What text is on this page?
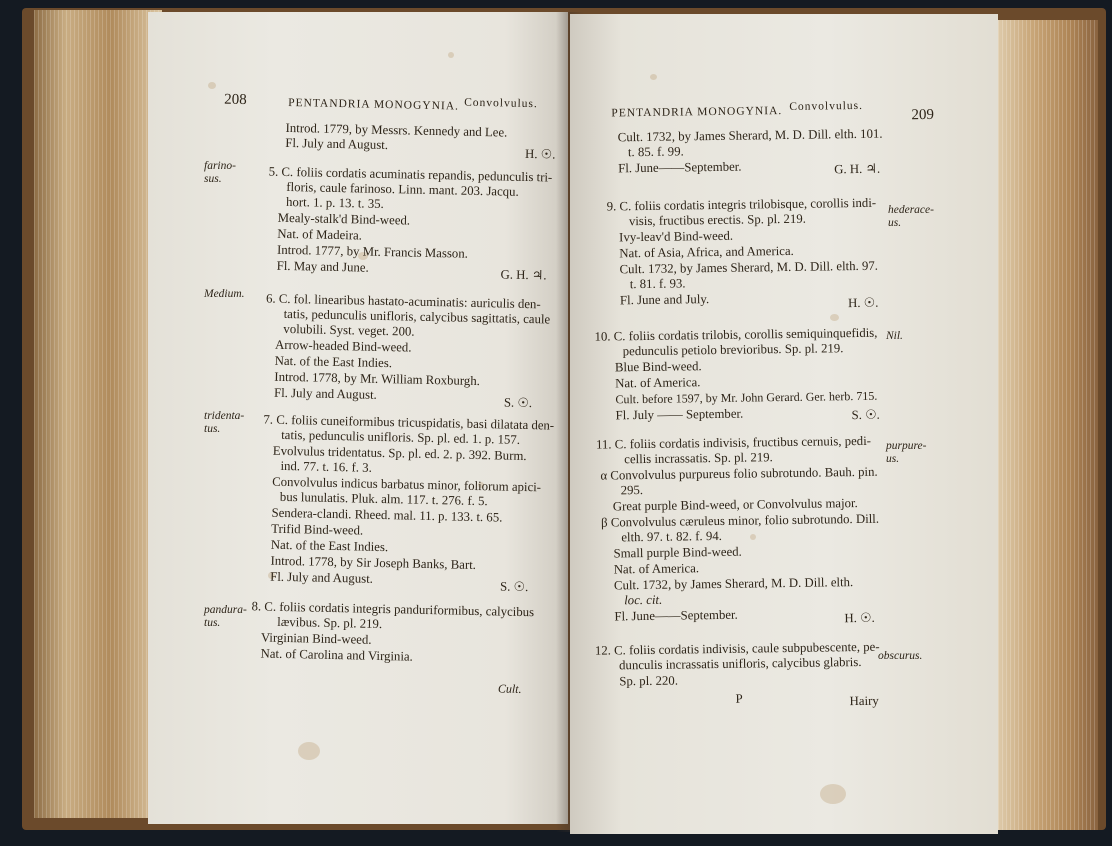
208	PENTANDRIA MONOGYNIA. Convolvulus.
Introd. 1779, by Messrs. Kennedy and Lee.
Fl. July and August.
H. ☉.
5. C. foliis cordatis acuminatis repandis, pedunculis tri-
floris, caule farinoso. Linn. mant. 203. Jacqu.
hort. 1. p. 13. t. 35.
Mealy-stalk'd Bind-weed.
Nat. of Madeira.
Introd. 1777, by Mr. Francis Masson.
Fl. May and June.
G. H. ♃.
6. C. fol. linearibus hastato-acuminatis: auriculis den-
tatis, pedunculis unifloris, calycibus sagittatis, caule
volubili. Syst. veget. 200.
Arrow-headed Bind-weed.
Nat. of the East Indies.
Introd. 1778, by Mr. William Roxburgh.
Fl. July and August.
S. ☉.
7. C. foliis cuneiformibus tricuspidatis, basi dilatata den-
tatis, pedunculis unifloris. Sp. pl. ed. 1. p. 157.
Evolvulus tridentatus. Sp. pl. ed. 2. p. 392. Burm.
ind. 77. t. 16. f. 3.
Convolvulus indicus barbatus minor, foliorum apici-
bus lunulatis. Pluk. alm. 117. t. 276. f. 5.
Sendera-clandi. Rheed. mal. 11. p. 133. t. 65.
Trifid Bind-weed.
Nat. of the East Indies.
Introd. 1778, by Sir Joseph Banks, Bart.
Fl. July and August.
S. ☉.
8. C. foliis cordatis integris panduriformibus, calycibus
lævibus. Sp. pl. 219.
Virginian Bind-weed.
Nat. of Carolina and Virginia.
Cult.
farino-
sus.
Medium.
tridenta-
tus.
pandura-
tus.
PENTANDRIA MONOGYNIA. Convolvulus.
209
Cult. 1732, by James Sherard, M. D. Dill. elth. 101.
t. 85. f. 99.
Fl. June——September.	G. H. ♃.
9. C. foliis cordatis integris trilobisque, corollis indi-
visis, fructibus erectis. Sp. pl. 219.
Ivy-leav'd Bind-weed.
Nat. of Asia, Africa, and America.
Cult. 1732, by James Sherard, M. D. Dill. elth. 97.
t. 81. f. 93.
Fl. June and July.	H. ☉.
10. C. foliis cordatis trilobis, corollis semiquinquefidis,
pedunculis petiolo brevioribus. Sp. pl. 219.
Blue Bind-weed.
Nat. of America.
Cult. before 1597, by Mr. John Gerard. Ger. herb. 715.
Fl. July —— September.	S. ☉.
11. C. foliis cordatis indivisis, fructibus cernuis, pedi-
cellis incrassatis. Sp. pl. 219.
α Convolvulus purpureus folio subrotundo. Bauh. pin.
295.
Great purple Bind-weed, or Convolvulus major.
β Convolvulus cæruleus minor, folio subrotundo. Dill.
elth. 97. t. 82. f. 94.
Small purple Bind-weed.
Nat. of America.
Cult. 1732, by James Sherard, M. D. Dill. elth.
loc. cit.
Fl. June——September.	H. ☉.
12. C. foliis cordatis indivisis, caule subpubescente, pe-
dunculis incrassatis unifloris, calycibus glabris.
Sp. pl. 220.
P	Hairy
hederace-
us.
Nil.
purpure-
us.
obscurus.
